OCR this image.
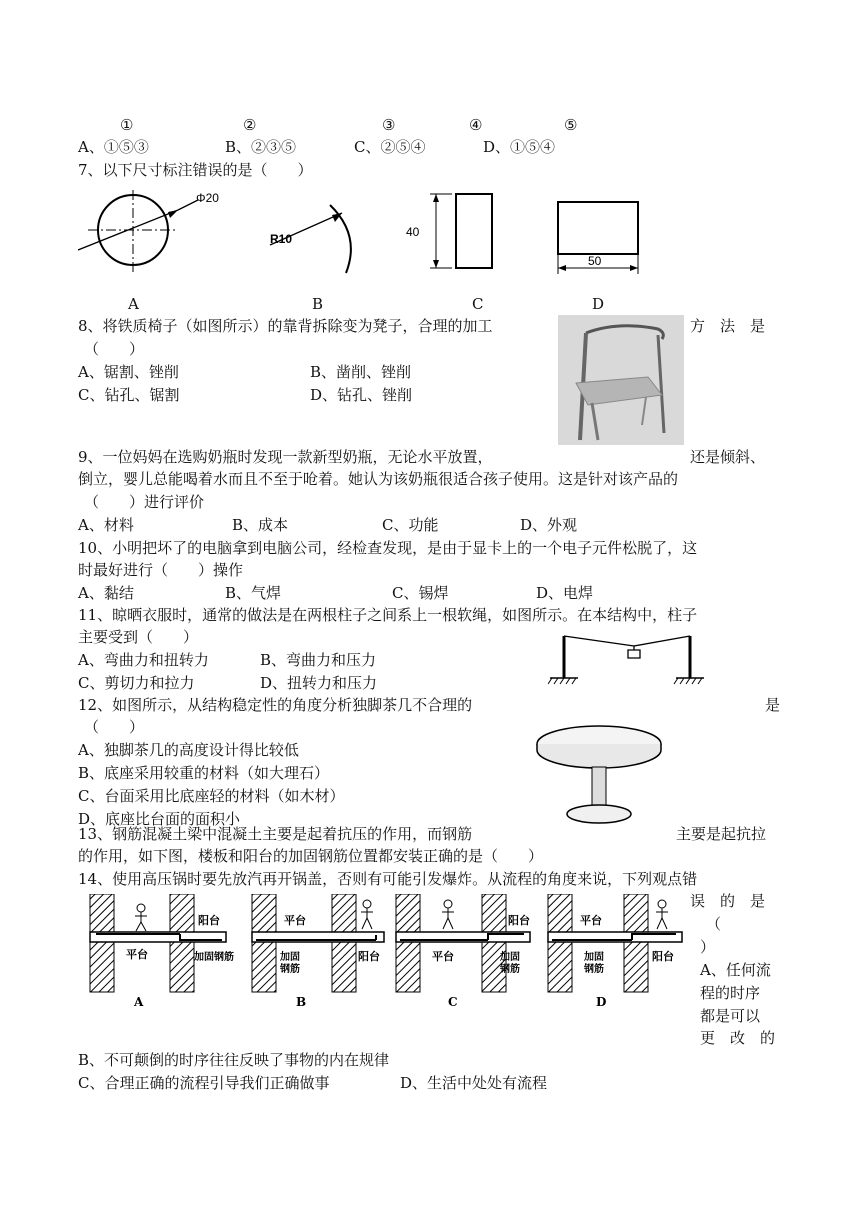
①	②	③	④	⑤
A、①⑤③	B、②③⑤	C、②⑤④	D、①⑤④
7、以下尺寸标注错误的是（　　）
Φ20
R10	40
50
A	B	C	D
8、将铁质椅子（如图所示）的靠背拆除变为凳子，合理的加工	方　法　是
（　　）
A、锯割、锉削	B、凿削、锉削
C、钻孔、锯割	D、钻孔、锉削
9、一位妈妈在选购奶瓶时发现一款新型奶瓶，无论水平放置，	还是倾斜、
倒立，婴儿总能喝着水而且不至于呛着。她认为该奶瓶很适合孩子使用。这是针对该产品的
（　　）进行评价
A、材料	B、成本	C、功能	D、外观
10、小明把坏了的电脑拿到电脑公司，经检查发现，是由于显卡上的一个电子元件松脱了，这
时最好进行（　　）操作
A、黏结	B、气焊	C、锡焊	D、电焊
11、晾晒衣服时，通常的做法是在两根柱子之间系上一根软绳，如图所示。在本结构中，柱子
主要受到（　　）
A、弯曲力和扭转力	B、弯曲力和压力
C、剪切力和拉力	D、扭转力和压力
12、如图所示，从结构稳定性的角度分析独脚茶几不合理的	是
（　　）
A、独脚茶几的高度设计得比较低
B、底座采用较重的材料（如大理石）
C、台面采用比底座轻的材料（如木材）
D、底座比台面的面积小
13、钢筋混凝土梁中混凝土主要是起着抗压的作用，而钢筋	主要是起抗拉
的作用，如下图，楼板和阳台的加固钢筋位置都安装正确的是（　　）
14、使用高压锅时要先放汽再开锅盖，否则有可能引发爆炸。从流程的角度来说，下列观点错
误　的　是
（
）
A、任何流
程的时序
都是可以
更　改　的
B、不可颠倒的时序往往反映了事物的内在规律
C、合理正确的流程引导我们正确做事	D、生活中处处有流程
阳台
平台	加固钢筋
A
平台
加固
钢筋
阳台
B
阳台
平台	加固
钢筋
C
平台
加固
钢筋
阳台
D
